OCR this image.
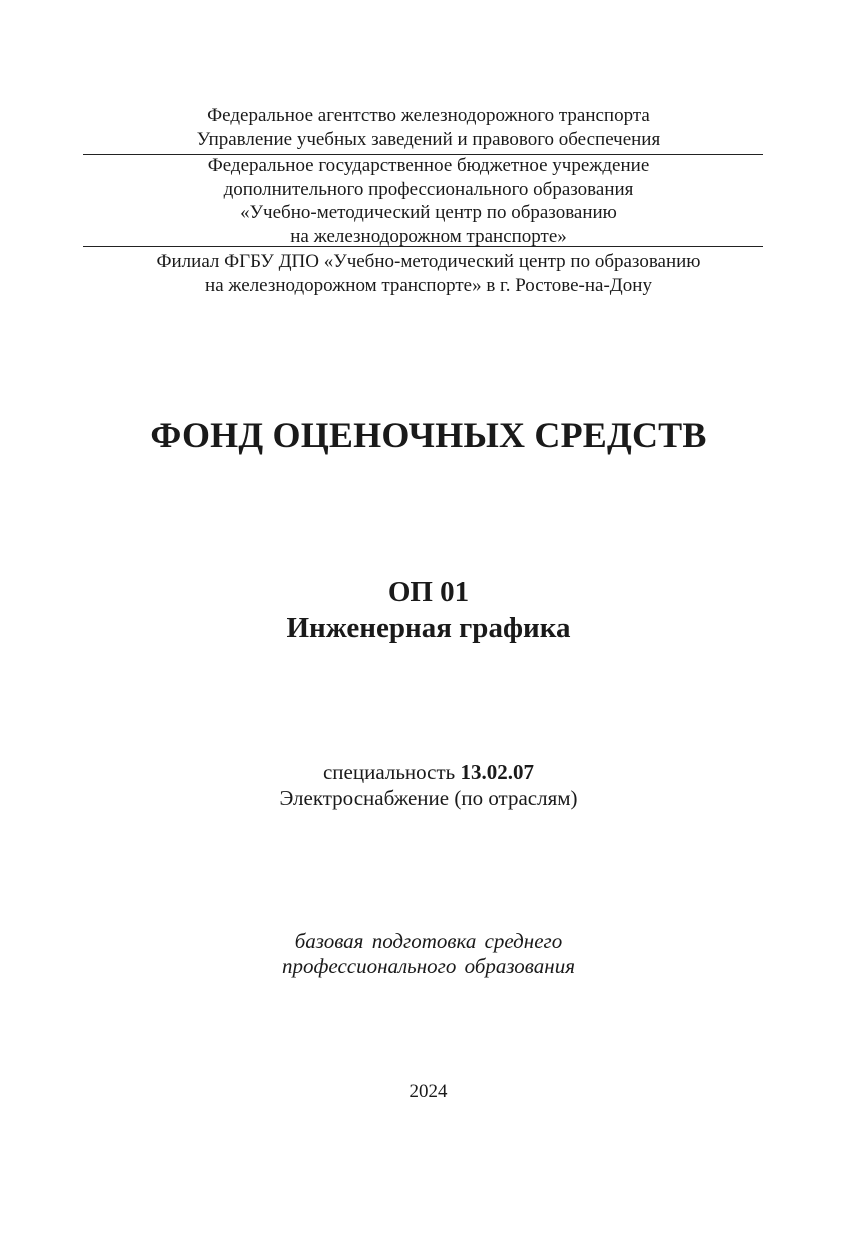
Федеральное агентство железнодорожного транспорта
Управление учебных заведений и правового обеспечения
Федеральное государственное бюджетное учреждение
дополнительного профессионального образования
«Учебно-методический центр по образованию
на железнодорожном транспорте»
Филиал ФГБУ ДПО «Учебно-методический центр по образованию
на железнодорожном транспорте» в г. Ростове-на-Дону
ФОНД ОЦЕНОЧНЫХ СРЕДСТВ
ОП 01
Инженерная графика
специальность 13.02.07
Электроснабжение (по отраслям)
базовая подготовка среднего
профессионального образования
2024
